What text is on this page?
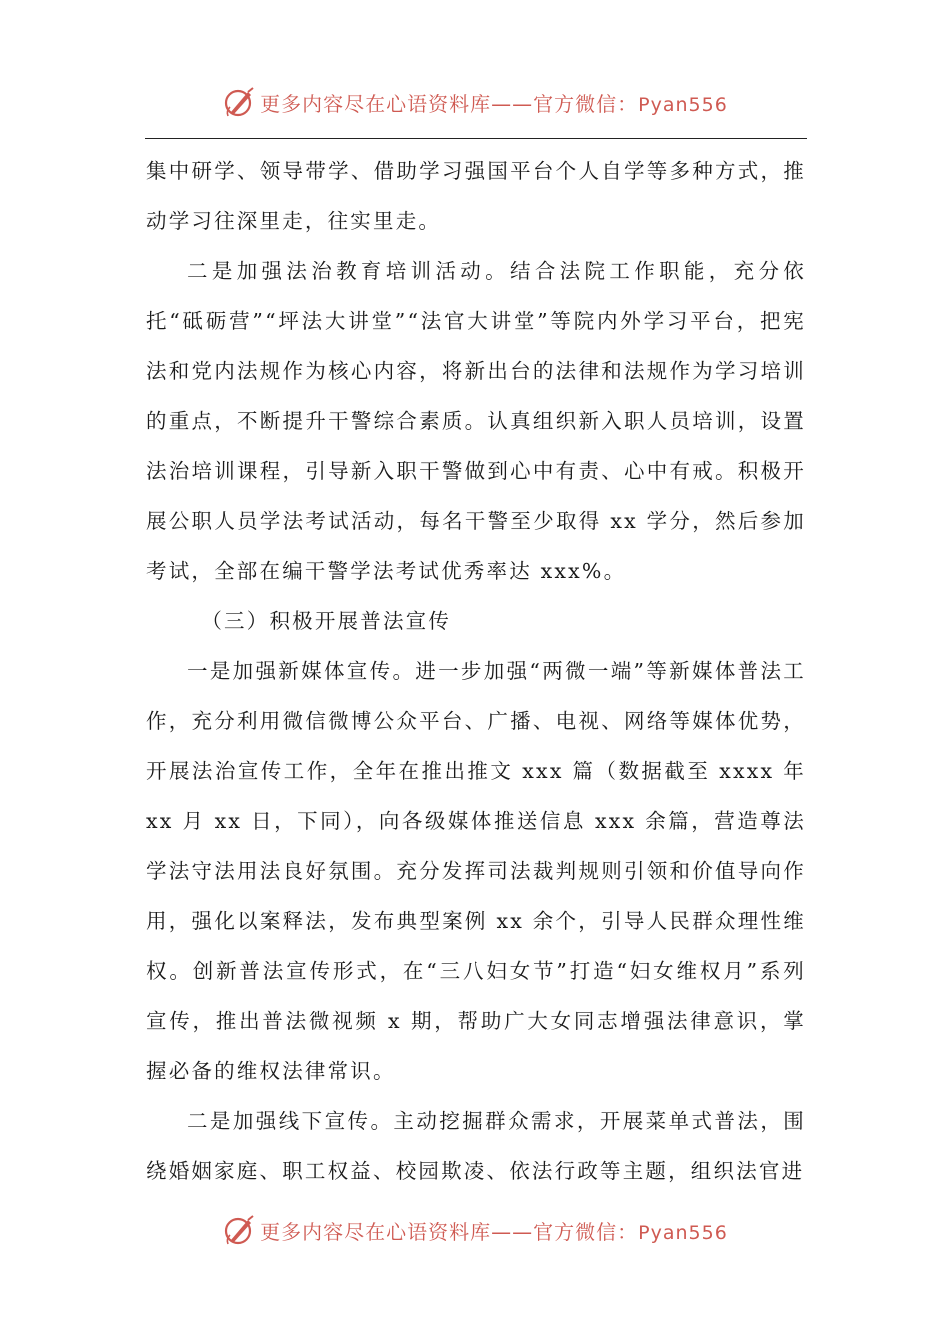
更多内容尽在心语资料库——官方微信：Pyan556

集中研学、领导带学、借助学习强国平台个人自学等多种方式，推动学习往深里走，往实里走。

二是加强法治教育培训活动。结合法院工作职能，充分依托“砥砺营”“坪法大讲堂”“法官大讲堂”等院内外学习平台，把宪法和党内法规作为核心内容，将新出台的法律和法规作为学习培训的重点，不断提升干警综合素质。认真组织新入职人员培训，设置法治培训课程，引导新入职干警做到心中有责、心中有戒。积极开展公职人员学法考试活动，每名干警至少取得 xx 学分，然后参加考试，全部在编干警学法考试优秀率达 xxx%。

（三）积极开展普法宣传

一是加强新媒体宣传。进一步加强“两微一端”等新媒体普法工作，充分利用微信微博公众平台、广播、电视、网络等媒体优势，开展法治宣传工作，全年在推出推文 xxx 篇（数据截至 xxxx 年 xx 月 xx 日，下同），向各级媒体推送信息 xxx 余篇，营造尊法学法守法用法良好氛围。充分发挥司法裁判规则引领和价值导向作用，强化以案释法，发布典型案例 xx 余个，引导人民群众理性维权。创新普法宣传形式，在“三八妇女节”打造“妇女维权月”系列宣传，推出普法微视频 x 期，帮助广大女同志增强法律意识，掌握必备的维权法律常识。

二是加强线下宣传。主动挖掘群众需求，开展菜单式普法，围绕婚姻家庭、职工权益、校园欺凌、依法行政等主题，组织法官进

更多内容尽在心语资料库——官方微信：Pyan556
